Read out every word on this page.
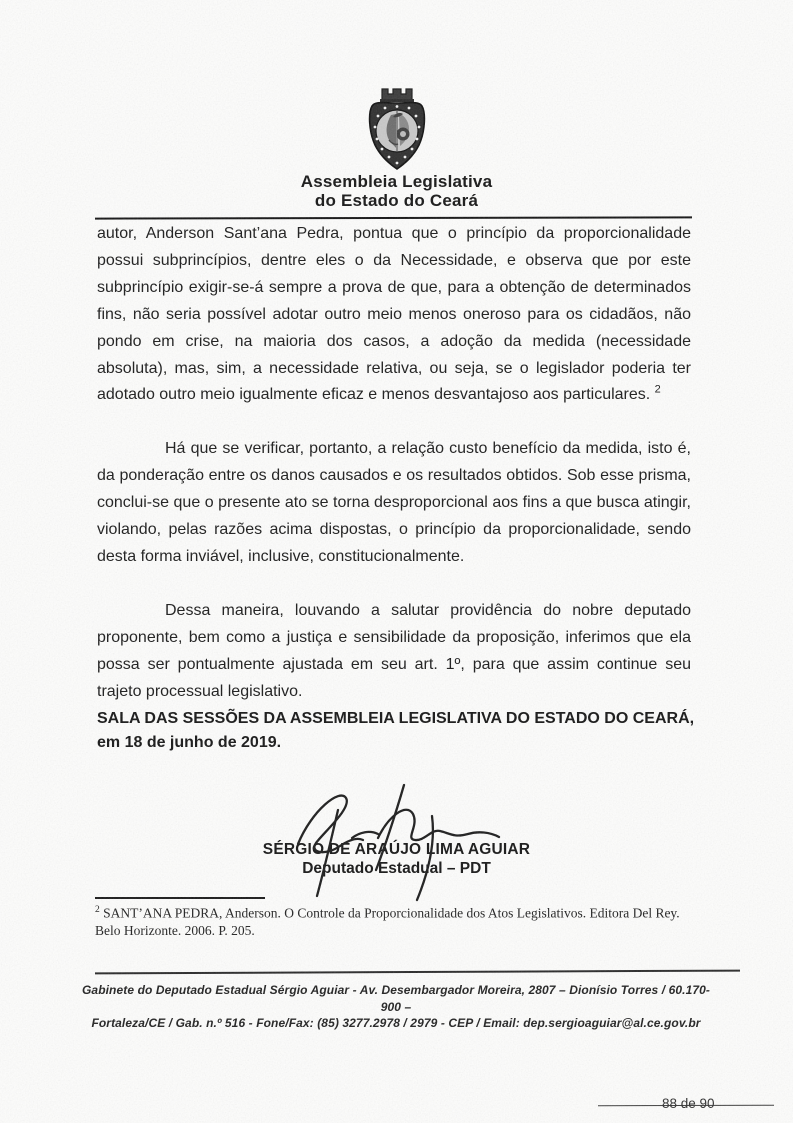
Assembleia Legislativa
do Estado do Ceará

autor, Anderson Sant’ana Pedra, pontua que o princípio da proporcionalidade possui subprincípios, dentre eles o da Necessidade, e observa que por este subprincípio exigir-se-á sempre a prova de que, para a obtenção de determinados fins, não seria possível adotar outro meio menos oneroso para os cidadãos, não pondo em crise, na maioria dos casos, a adoção da medida (necessidade absoluta), mas, sim, a necessidade relativa, ou seja, se o legislador poderia ter adotado outro meio igualmente eficaz e menos desvantajoso aos particulares. $^2$

Há que se verificar, portanto, a relação custo benefício da medida, isto é, da ponderação entre os danos causados e os resultados obtidos. Sob esse prisma, conclui-se que o presente ato se torna desproporcional aos fins a que busca atingir, violando, pelas razões acima dispostas, o princípio da proporcionalidade, sendo desta forma inviável, inclusive, constitucionalmente.

Dessa maneira, louvando a salutar providência do nobre deputado proponente, bem como a justiça e sensibilidade da proposição, inferimos que ela possa ser pontualmente ajustada em seu art. 1º, para que assim continue seu trajeto processual legislativo.

SALA DAS SESSÕES DA ASSEMBLEIA LEGISLATIVA DO ESTADO DO CEARÁ, em 18 de junho de 2019.
SÉRGIO DE ARAÚJO LIMA AGUIAR
Deputado Estadual – PDT
$^2$ SANT’ANA PEDRA, Anderson. O Controle da Proporcionalidade dos Atos Legislativos. Editora Del Rey. Belo Horizonte. 2006. P. 205.
Gabinete do Deputado Estadual Sérgio Aguiar - Av. Desembargador Moreira, 2807 – Dionísio Torres / 60.170-900 –
Fortaleza/CE / Gab. n.º 516 - Fone/Fax: (85) 3277.2978 / 2979 - CEP / Email: dep.sergioaguiar@al.ce.gov.br
88 de 90
